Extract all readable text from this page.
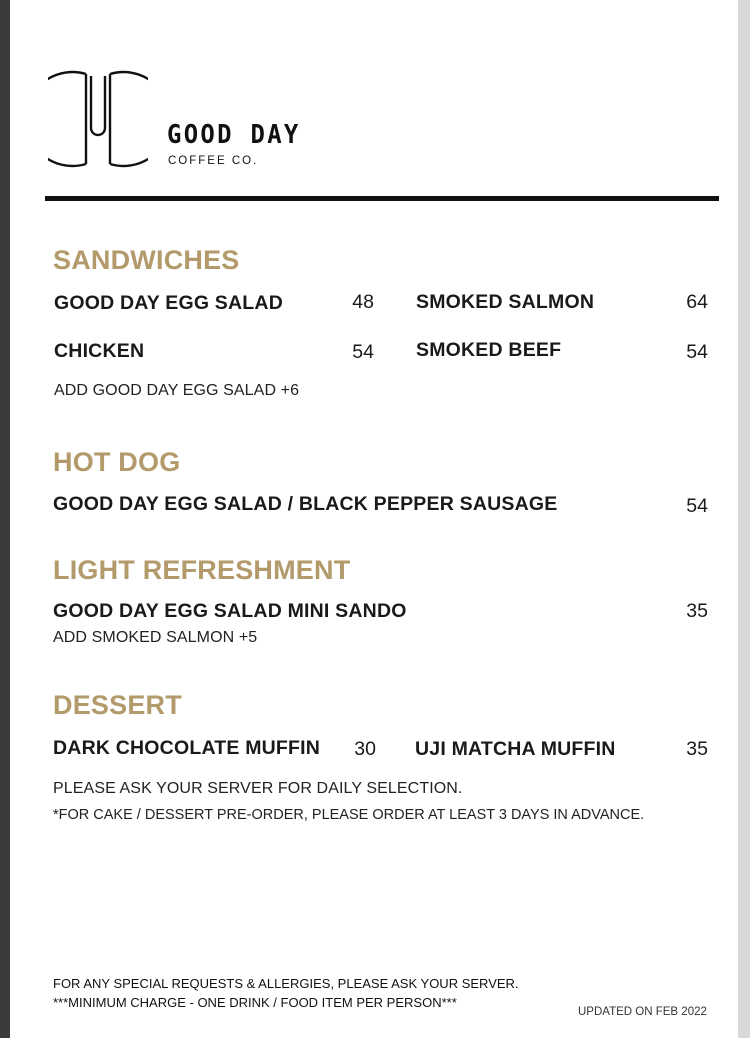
GOOD DAY
COFFEE CO.
SANDWICHES
GOOD DAY EGG SALAD	48 SMOKED SALMON	64
CHICKEN	54 SMOKED BEEF	54
ADD GOOD DAY EGG SALAD +6
HOT DOG
GOOD DAY EGG SALAD / BLACK PEPPER SAUSAGE	54
LIGHT REFRESHMENT
GOOD DAY EGG SALAD MINI SANDO	35
ADD SMOKED SALMON +5
DESSERT
DARK CHOCOLATE MUFFIN	30 UJI MATCHA MUFFIN	35
PLEASE ASK YOUR SERVER FOR DAILY SELECTION.
*FOR CAKE / DESSERT PRE-ORDER, PLEASE ORDER AT LEAST 3 DAYS IN ADVANCE.
FOR ANY SPECIAL REQUESTS & ALLERGIES, PLEASE ASK YOUR SERVER.
***MINIMUM CHARGE - ONE DRINK / FOOD ITEM PER PERSON***
UPDATED ON FEB 2022
